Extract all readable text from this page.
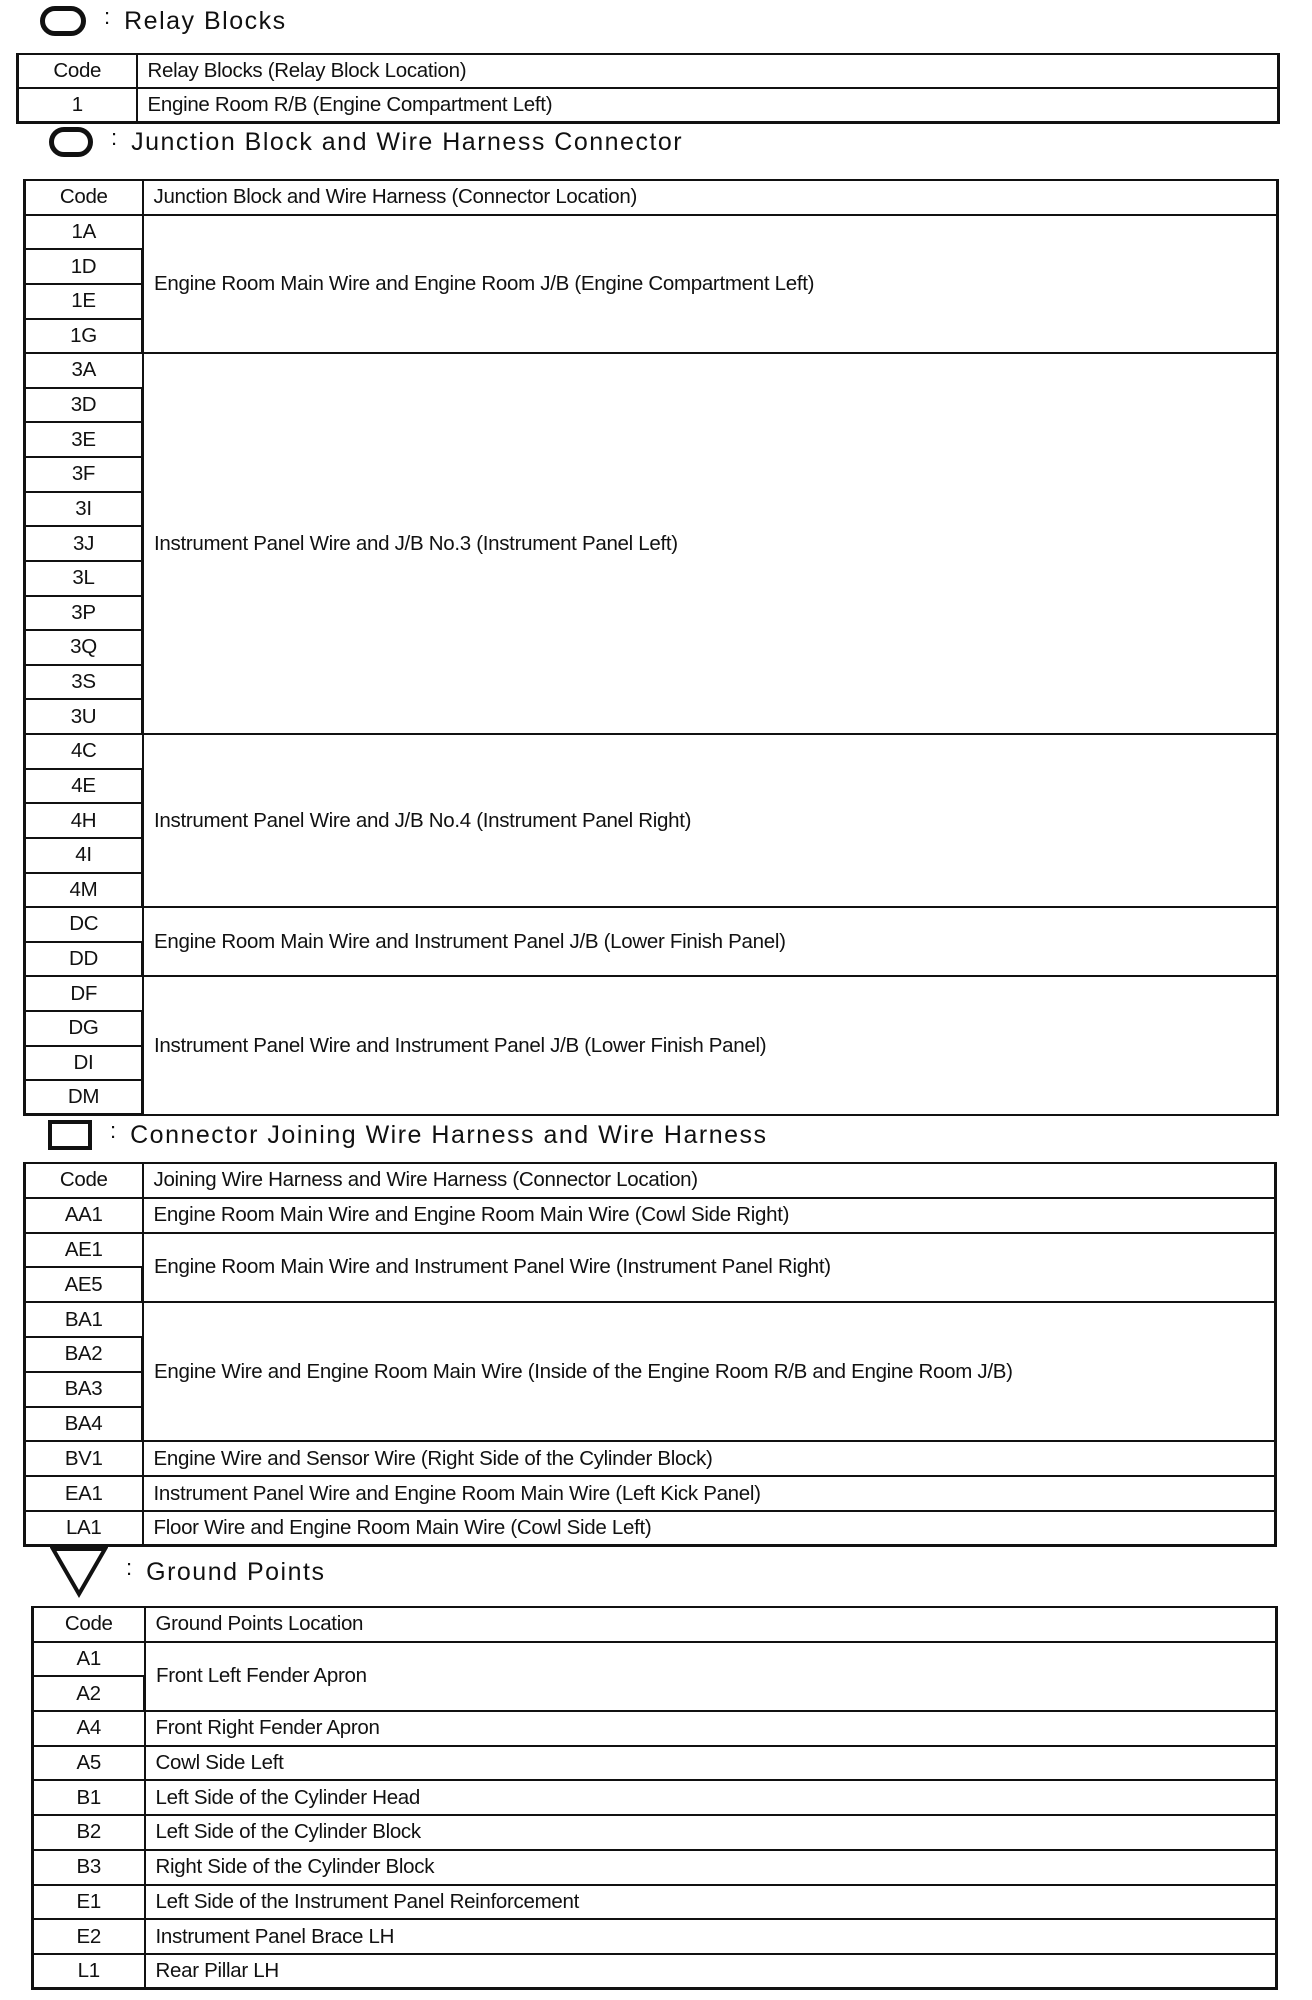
: Relay Blocks
Code	Relay Blocks (Relay Block Location)
1	Engine Room R/B (Engine Compartment Left)
: Junction Block and Wire Harness Connector
Code	Junction Block and Wire Harness (Connector Location)
1A	Engine Room Main Wire and Engine Room J/B (Engine Compartment Left)
1D	
1E	
1G	
3A	Instrument Panel Wire and J/B No.3 (Instrument Panel Left)
3D	
3E	
3F	
3I	
3J	
3L	
3P	
3Q	
3S	
3U	
4C	Instrument Panel Wire and J/B No.4 (Instrument Panel Right)
4E	
4H	
4I	
4M	
DC	Engine Room Main Wire and Instrument Panel J/B (Lower Finish Panel)
DD	
DF	Instrument Panel Wire and Instrument Panel J/B (Lower Finish Panel)
DG	
DI	
DM	
: Connector Joining Wire Harness and Wire Harness
Code	Joining Wire Harness and Wire Harness (Connector Location)
AA1	Engine Room Main Wire and Engine Room Main Wire (Cowl Side Right)
AE1	Engine Room Main Wire and Instrument Panel Wire (Instrument Panel Right)
AE5	
BA1	Engine Wire and Engine Room Main Wire (Inside of the Engine Room R/B and Engine Room J/B)
BA2	
BA3	
BA4	
BV1	Engine Wire and Sensor Wire (Right Side of the Cylinder Block)
EA1	Instrument Panel Wire and Engine Room Main Wire (Left Kick Panel)
LA1	Floor Wire and Engine Room Main Wire (Cowl Side Left)
: Ground Points
Code	Ground Points Location
A1	Front Left Fender Apron
A2	
A4	Front Right Fender Apron
A5	Cowl Side Left
B1	Left Side of the Cylinder Head
B2	Left Side of the Cylinder Block
B3	Right Side of the Cylinder Block
E1	Left Side of the Instrument Panel Reinforcement
E2	Instrument Panel Brace LH
L1	Rear Pillar LH
